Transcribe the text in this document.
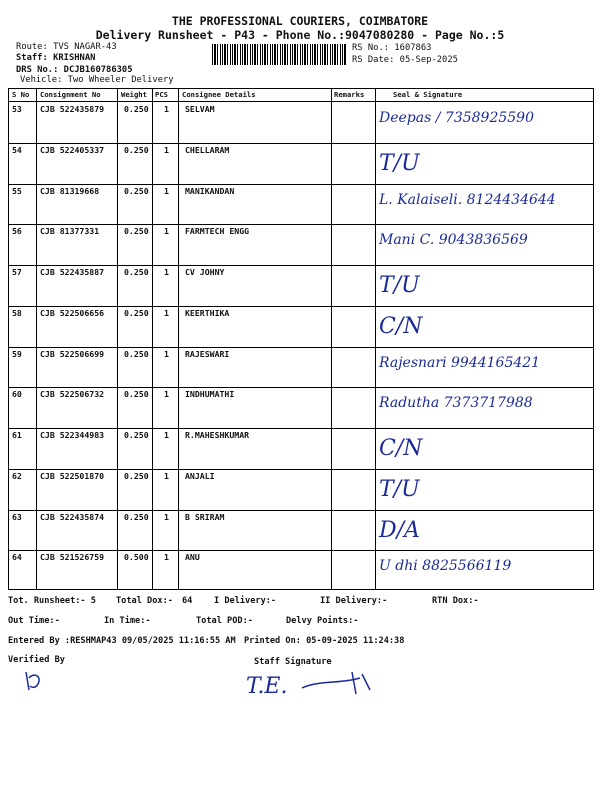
THE PROFESSIONAL COURIERS, COIMBATORE
Delivery Runsheet - P43 - Phone No.:9047080280 - Page No.:5
Route: TVS NAGAR-43
Staff: KRISHNAN
DRS No.: DCJB160786305
Vehicle: Two Wheeler Delivery
RS No.: 1607863
RS Date: 05-Sep-2025
S No Consignment No	Weight PCS Consignee Details	Remarks	Seal & Signature
53 CJB 522435879 0.250 1 SELVAM
Deepas / 7358925590
54 CJB 522405337 0.250 1 CHELLARAM
T/U
55 CJB 81319668	0.250 1 MANIKANDAN
L. Kalaiseli. 8124434644
56 CJB 81377331	0.250 1 FARMTECH ENGG
Mani C. 9043836569
57 CJB 522435887 0.250 1 CV JOHNY
T/U
58 CJB 522506656 0.250 1 KEERTHIKA
C/N
59 CJB 522506699 0.250 1 RAJESWARI
Rajesnari 9944165421
60 CJB 522506732 0.250 1 INDHUMATHI
Radutha 7373717988
61 CJB 522344983 0.250 1 R.MAHESHKUMAR
C/N
62 CJB 522501870 0.250 1 ANJALI
T/U
63 CJB 522435874 0.250 1 B SRIRAM
D/A
64 CJB 521526759 0.500 1 ANU
U dhi 8825566119
Tot. Runsheet:- 5 Total Dox:- 64	I Delivery:-	II Delivery:-	RTN Dox:-
Out Time:-	In Time:-	Total POD:-	Delvy Points:-
Entered By :RESHMAP43 09/05/2025 11:16:55 AM Printed On: 05-09-2025 11:24:38
Verified By	Staff Signature
T.E.
